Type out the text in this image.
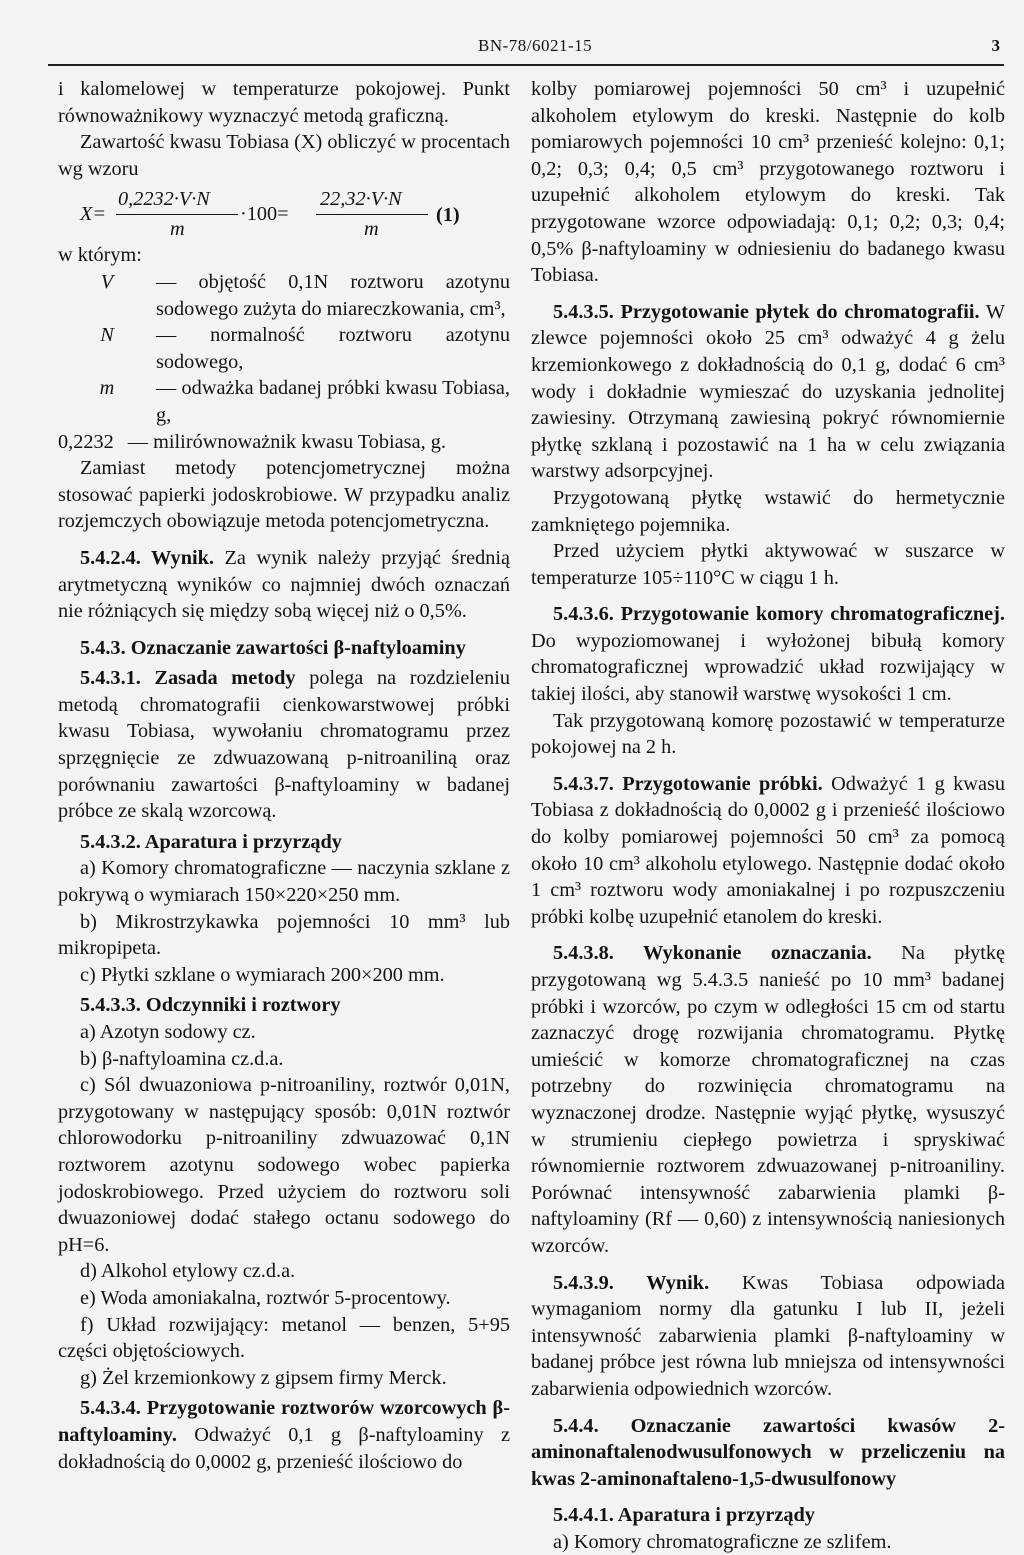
BN-78/6021-15	3

i kalomelowej w temperaturze pokojowej. Punkt równoważnikowy wyznaczyć metodą graficzną.

Zawartość kwasu Tobiasa (X) obliczyć w procentach wg wzoru

X=
0,2232·V·N
m
·100=
22,32·V·N
m
(1)

w którym:

V	— objętość 0,1N roztworu azotynu sodowego zużyta do miareczkowania, cm³,
N	— normalność roztworu azotynu sodowego,
m	— odważka badanej próbki kwasu Tobiasa, g,
0,2232 — milirównoważnik kwasu Tobiasa, g.

Zamiast metody potencjometrycznej można stosować papierki jodoskrobiowe. W przypadku analiz rozjemczych obowiązuje metoda potencjometryczna.

5.4.2.4. Wynik. Za wynik należy przyjąć średnią arytmetyczną wyników co najmniej dwóch oznaczań nie różniących się między sobą więcej niż o 0,5%.

5.4.3. Oznaczanie zawartości β-naftyloaminy

5.4.3.1. Zasada metody polega na rozdzieleniu metodą chromatografii cienkowarstwowej próbki kwasu Tobiasa, wywołaniu chromatogramu przez sprzęgnięcie ze zdwuazowaną p-nitroaniliną oraz porównaniu zawartości β-naftyloaminy w badanej próbce ze skalą wzorcową.

5.4.3.2. Aparatura i przyrządy

a) Komory chromatograficzne — naczynia szklane z pokrywą o wymiarach 150×220×250 mm.

b) Mikrostrzykawka pojemności 10 mm³ lub mikropipeta.

c) Płytki szklane o wymiarach 200×200 mm.

5.4.3.3. Odczynniki i roztwory

a) Azotyn sodowy cz.

b) β-naftyloamina cz.d.a.

c) Sól dwuazoniowa p-nitroaniliny, roztwór 0,01N, przygotowany w następujący sposób: 0,01N roztwór chlorowodorku p-nitroaniliny zdwuazować 0,1N roztworem azotynu sodowego wobec papierka jodoskrobiowego. Przed użyciem do roztworu soli dwuazoniowej dodać stałego octanu sodowego do pH=6.

d) Alkohol etylowy cz.d.a.

e) Woda amoniakalna, roztwór 5-procentowy.

f) Układ rozwijający: metanol — benzen, 5+95 części objętościowych.

g) Żel krzemionkowy z gipsem firmy Merck.

5.4.3.4. Przygotowanie roztworów wzorcowych β-naftyloaminy. Odważyć 0,1 g β-naftyloaminy z dokładnością do 0,0002 g, przenieść ilościowo do

kolby pomiarowej pojemności 50 cm³ i uzupełnić alkoholem etylowym do kreski. Następnie do kolb pomiarowych pojemności 10 cm³ przenieść kolejno: 0,1; 0,2; 0,3; 0,4; 0,5 cm³ przygotowanego roztworu i uzupełnić alkoholem etylowym do kreski. Tak przygotowane wzorce odpowiadają: 0,1; 0,2; 0,3; 0,4; 0,5% β-naftyloaminy w odniesieniu do badanego kwasu Tobiasa.

5.4.3.5. Przygotowanie płytek do chromatografii. W zlewce pojemności około 25 cm³ odważyć 4 g żelu krzemionkowego z dokładnością do 0,1 g, dodać 6 cm³ wody i dokładnie wymieszać do uzyskania jednolitej zawiesiny. Otrzymaną zawiesiną pokryć równomiernie płytkę szklaną i pozostawić na 1 ha w celu związania warstwy adsorpcyjnej.

Przygotowaną płytkę wstawić do hermetycznie zamkniętego pojemnika.

Przed użyciem płytki aktywować w suszarce w temperaturze 105÷110°C w ciągu 1 h.

5.4.3.6. Przygotowanie komory chromatograficznej. Do wypoziomowanej i wyłożonej bibułą komory chromatograficznej wprowadzić układ rozwijający w takiej ilości, aby stanowił warstwę wysokości 1 cm.

Tak przygotowaną komorę pozostawić w temperaturze pokojowej na 2 h.

5.4.3.7. Przygotowanie próbki. Odważyć 1 g kwasu Tobiasa z dokładnością do 0,0002 g i przenieść ilościowo do kolby pomiarowej pojemności 50 cm³ za pomocą około 10 cm³ alkoholu etylowego. Następnie dodać około 1 cm³ roztworu wody amoniakalnej i po rozpuszczeniu próbki kolbę uzupełnić etanolem do kreski.

5.4.3.8. Wykonanie oznaczania. Na płytkę przygotowaną wg 5.4.3.5 nanieść po 10 mm³ badanej próbki i wzorców, po czym w odległości 15 cm od startu zaznaczyć drogę rozwijania chromatogramu. Płytkę umieścić w komorze chromatograficznej na czas potrzebny do rozwinięcia chromatogramu na wyznaczonej drodze. Następnie wyjąć płytkę, wysuszyć w strumieniu ciepłego powietrza i spryskiwać równomiernie roztworem zdwuazowanej p-nitroaniliny. Porównać intensywność zabarwienia plamki β-naftyloaminy (Rf — 0,60) z intensywnością naniesionych wzorców.

5.4.3.9. Wynik. Kwas Tobiasa odpowiada wymaganiom normy dla gatunku I lub II, jeżeli intensywność zabarwienia plamki β-naftyloaminy w badanej próbce jest równa lub mniejsza od intensywności zabarwienia odpowiednich wzorców.

5.4.4. Oznaczanie zawartości kwasów 2-aminonaftalenodwusulfonowych w przeliczeniu na kwas 2-aminonaftaleno-1,5-dwusulfonowy

5.4.4.1. Aparatura i przyrządy

a) Komory chromatograficzne ze szlifem.
